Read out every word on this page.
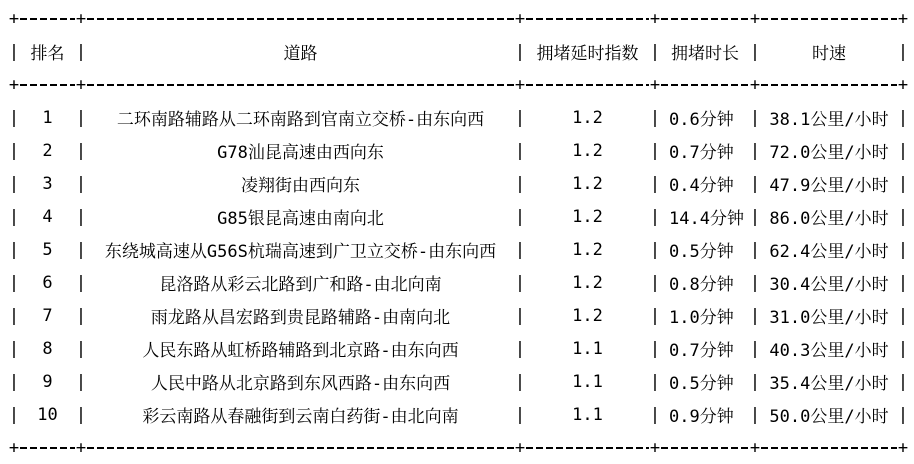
+	+	+	+	+	+
| 排名 |	道路	| 拥堵延时指数 | 拥堵时长 |	时速	|
+	+	+	+	+	+
|	1	|	二环南路辅路从二环南路到官南立交桥-由东向西	|	1.2	| 0.6分钟 | 38.1公里/小时 |
|	2	|	G78汕昆高速由西向东	|	1.2	| 0.7分钟 | 72.0公里/小时 |
|	3	|	凌翔街由西向东	|	1.2	| 0.4分钟 | 47.9公里/小时 |
|	4	|	G85银昆高速由南向北	|	1.2	| 14.4分钟 | 86.0公里/小时 |
|	5	|	东绕城高速从G56S杭瑞高速到广卫立交桥-由东向西	|	1.2	| 0.5分钟 | 62.4公里/小时 |
|	6	|	昆洛路从彩云北路到广和路-由北向南	|	1.2	| 0.8分钟 | 30.4公里/小时 |
|	7	|	雨龙路从昌宏路到贵昆路辅路-由南向北	|	1.2	| 1.0分钟 | 31.0公里/小时 |
|	8	|	人民东路从虹桥路辅路到北京路-由东向西	|	1.1	| 0.7分钟 | 40.3公里/小时 |
|	9	|	人民中路从北京路到东风西路-由东向西	|	1.1	| 0.5分钟 | 35.4公里/小时 |
|	10	|	彩云南路从春融街到云南白药街-由北向南	|	1.1	| 0.9分钟 | 50.0公里/小时 |
+	+	+	+	+	+
